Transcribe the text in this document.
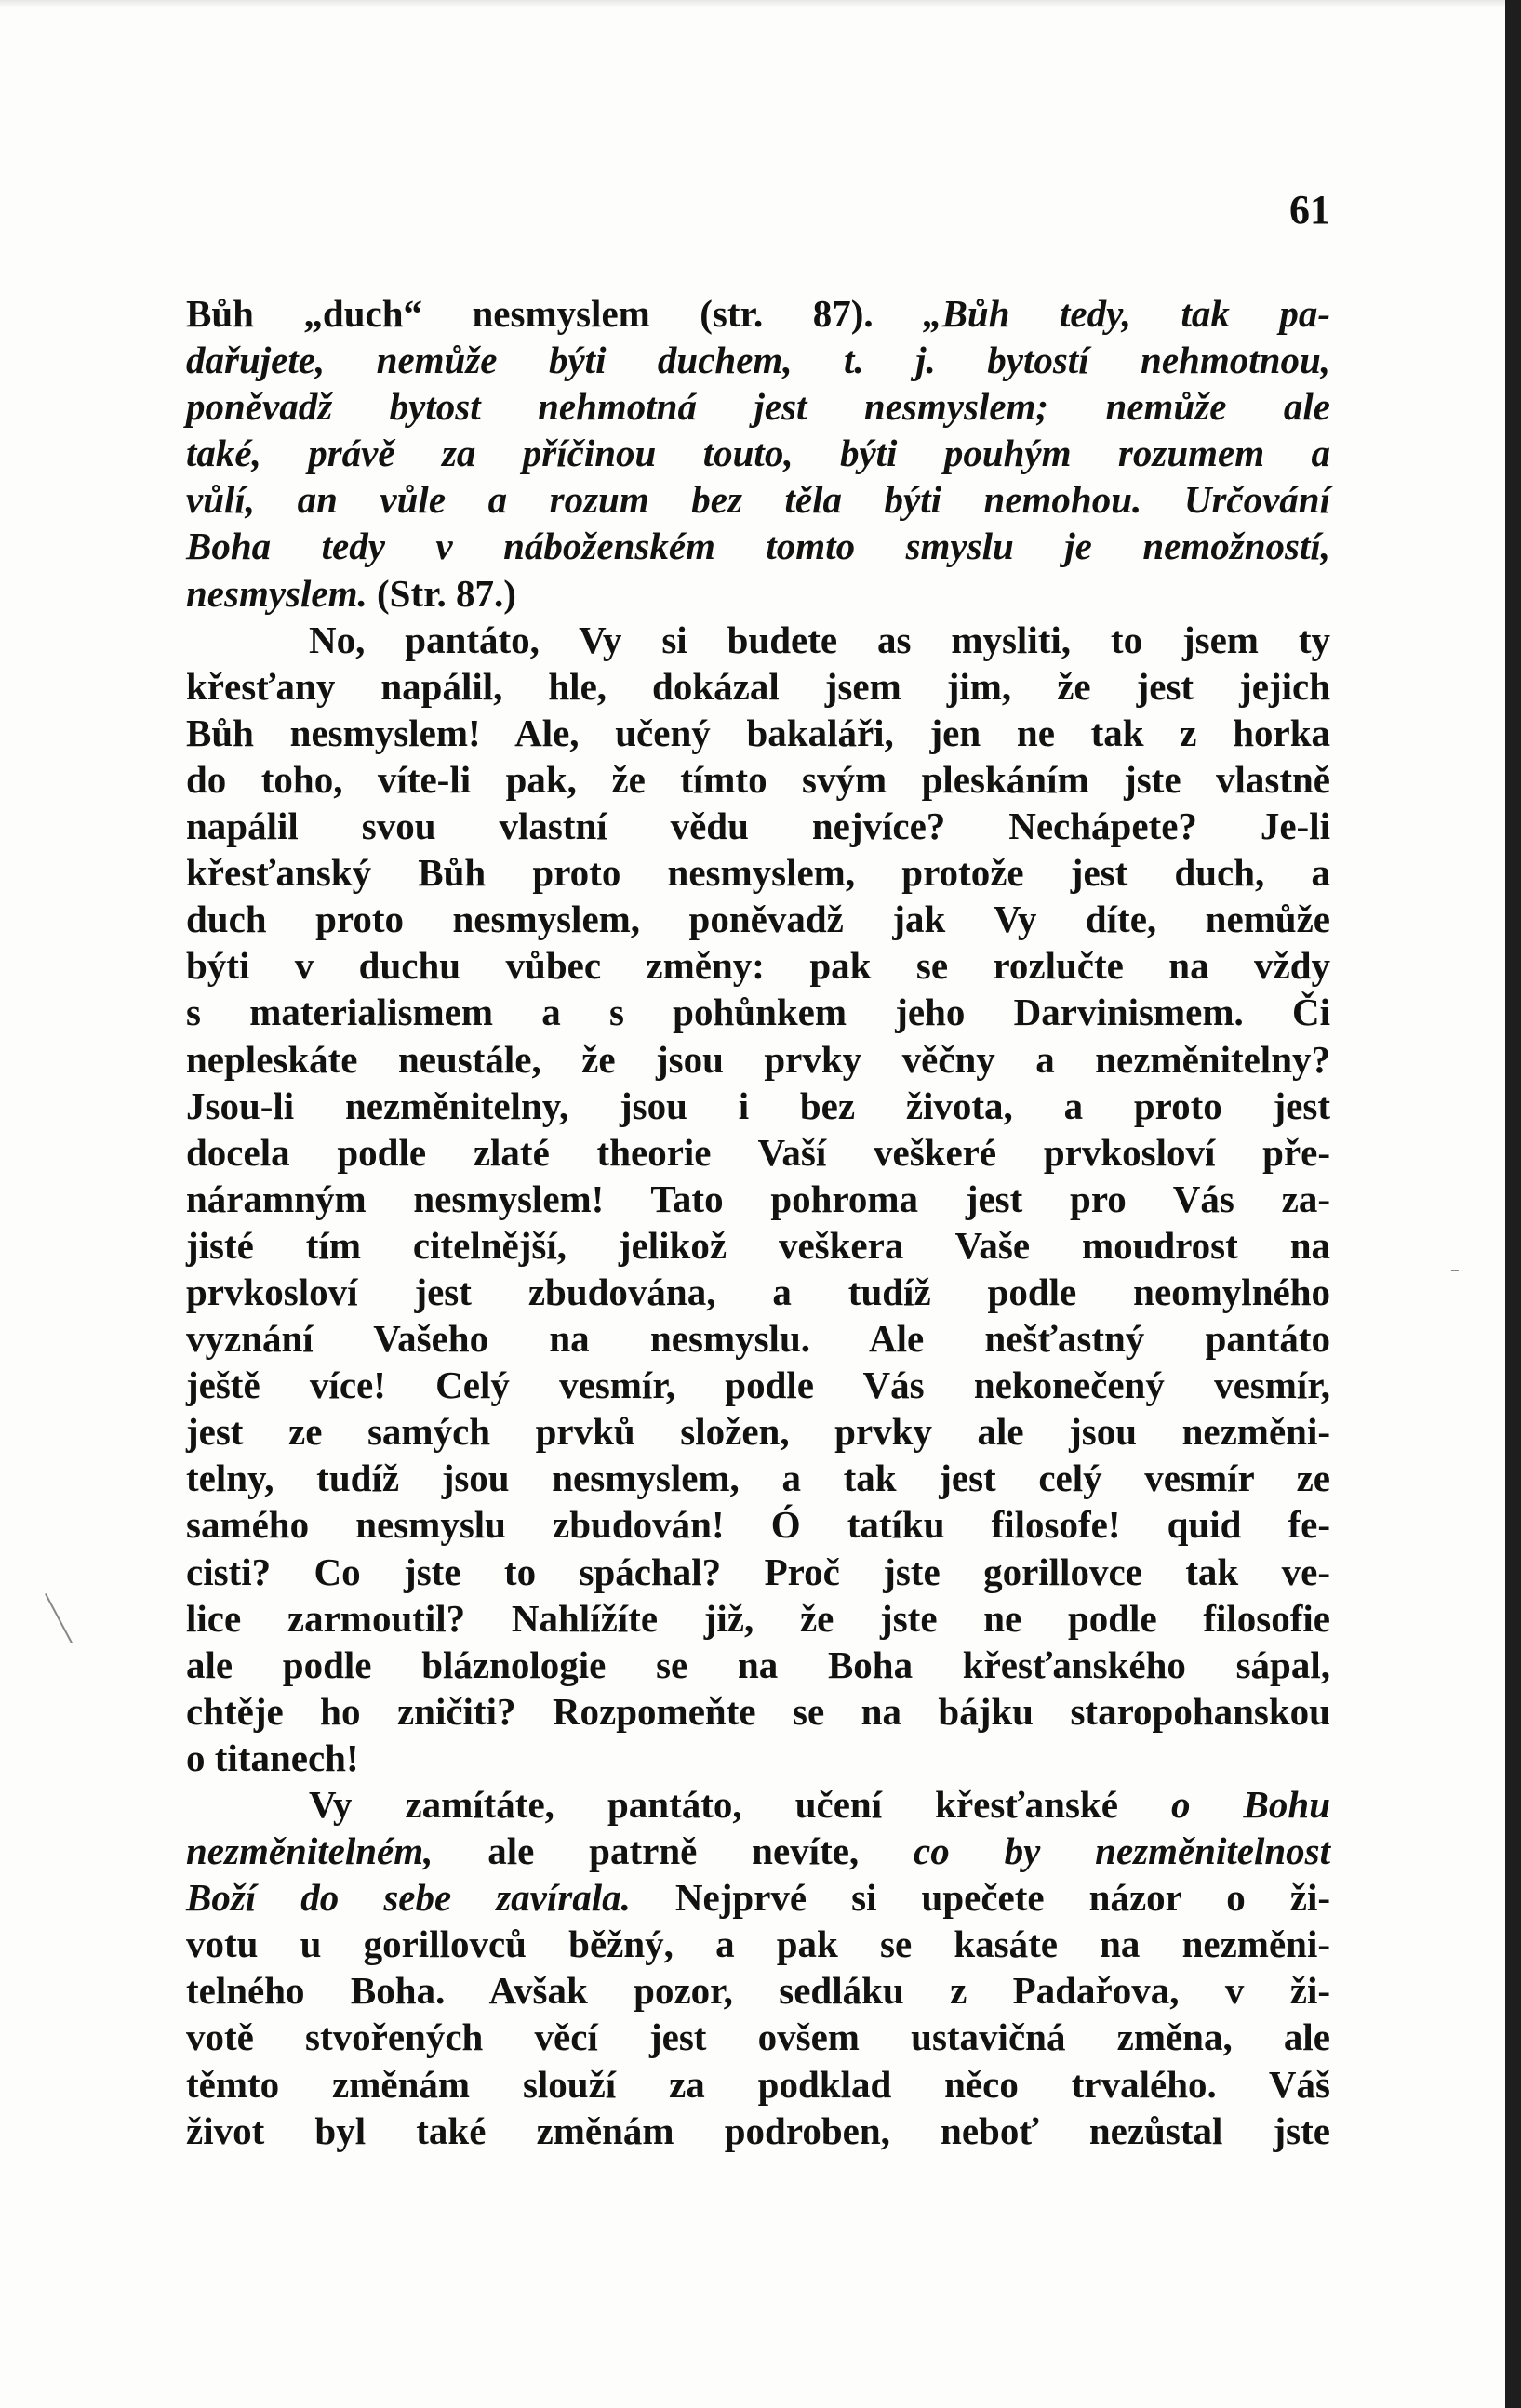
61
Bůh „duch“ nesmyslem (str. 87). „Bůh tedy, tak pa-
dařujete, nemůže býti duchem, t. j. bytostí nehmotnou,
poněvadž bytost nehmotná jest nesmyslem; nemůže ale
také, právě za příčinou touto, býti pouhým rozumem a
vůlí, an vůle a rozum bez těla býti nemohou. Určování
Boha tedy v náboženském tomto smyslu je nemožností,
nesmyslem. (Str. 87.)
No, pantáto, Vy si budete as mysliti, to jsem ty
křesťany napálil, hle, dokázal jsem jim, že jest jejich
Bůh nesmyslem! Ale, učený bakaláři, jen ne tak z horka
do toho, víte-li pak, že tímto svým pleskáním jste vlastně
napálil svou vlastní vědu nejvíce? Nechápete? Je-li
křesťanský Bůh proto nesmyslem, protože jest duch, a
duch proto nesmyslem, poněvadž jak Vy díte, nemůže
býti v duchu vůbec změny: pak se rozlučte na vždy
s materialismem a s pohůnkem jeho Darvinismem. Či
nepleskáte neustále, že jsou prvky věčny a nezměnitelny?
Jsou-li nezměnitelny, jsou i bez života, a proto jest
docela podle zlaté theorie Vaší veškeré prvkosloví pře-
náramným nesmyslem! Tato pohroma jest pro Vás za-
jisté tím citelnější, jelikož veškera Vaše moudrost na
prvkosloví jest zbudována, a tudíž podle neomylného
vyznání Vašeho na nesmyslu. Ale nešťastný pantáto
ještě více! Celý vesmír, podle Vás nekonečený vesmír,
jest ze samých prvků složen, prvky ale jsou nezměni-
telny, tudíž jsou nesmyslem, a tak jest celý vesmír ze
samého nesmyslu zbudován! Ó tatíku filosofe! quid fe-
cisti? Co jste to spáchal? Proč jste gorillovce tak ve-
lice zarmoutil? Nahlížíte již, že jste ne podle filosofie
ale podle bláznologie se na Boha křesťanského sápal,
chtěje ho zničiti? Rozpomeňte se na bájku staropohanskou
o titanech!
Vy zamítáte, pantáto, učení křesťanské o Bohu
nezměnitelném, ale patrně nevíte, co by nezměnitelnost
Boží do sebe zavírala. Nejprvé si upečete názor o ži-
votu u gorillovců běžný, a pak se kasáte na nezměni-
telného Boha. Avšak pozor, sedláku z Padařova, v ži-
votě stvořených věcí jest ovšem ustavičná změna, ale
těmto změnám slouží za podklad něco trvalého. Váš
život byl také změnám podroben, neboť nezůstal jste
